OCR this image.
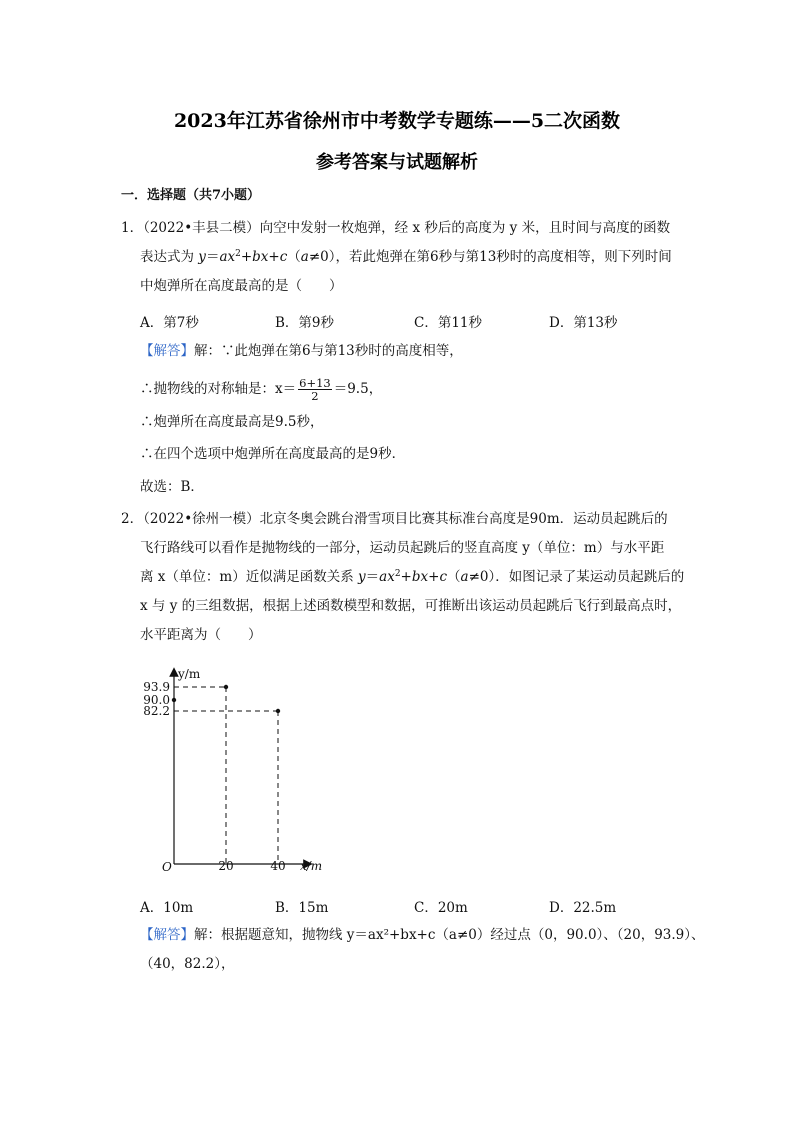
2023年江苏省徐州市中考数学专题练——5二次函数
参考答案与试题解析
一．选择题（共7小题）
1．（2022•丰县二模）向空中发射一枚炮弹，经 x 秒后的高度为 y 米，且时间与高度的函数
表达式为 $y=ax^2+bx+c(a\ne 0)$，若此炮弹在第6秒与第13秒时的高度相等，则下列时间
中炮弹所在高度最高的是（　　）
A．第7秒	B．第9秒	C．第11秒	D．第13秒
【解答】解：∵此炮弹在第6与第13秒时的高度相等，
∴抛物线的对称轴是：$x= \frac{6+13}{2} =9.5$，
∴炮弹所在高度最高是9.5秒，
∴在四个选项中炮弹所在高度最高的是9秒．
故选：B．
2．（2022•徐州一模）北京冬奥会跳台滑雪项目比赛其标准台高度是90m．运动员起跳后的
飞行路线可以看作是抛物线的一部分，运动员起跳后的竖直高度 y（单位：m）与水平距
离 x（单位：m）近似满足函数关系 $y=ax^2+bx+c(a\ne 0)$．如图记录了某运动员起跳后的
x 与 y 的三组数据，根据上述函数模型和数据，可推断出该运动员起跳后飞行到最高点时，
水平距离为（　　）
y/m
x/m
O
93.9
90.0
82.2
20	40
A．10m	B．15m	C．20m	D．22.5m
【解答】解：根据题意知，抛物线 y＝ax²+bx+c（a≠0）经过点（0，90.0）、（20，93.9）、
（40，82.2），
